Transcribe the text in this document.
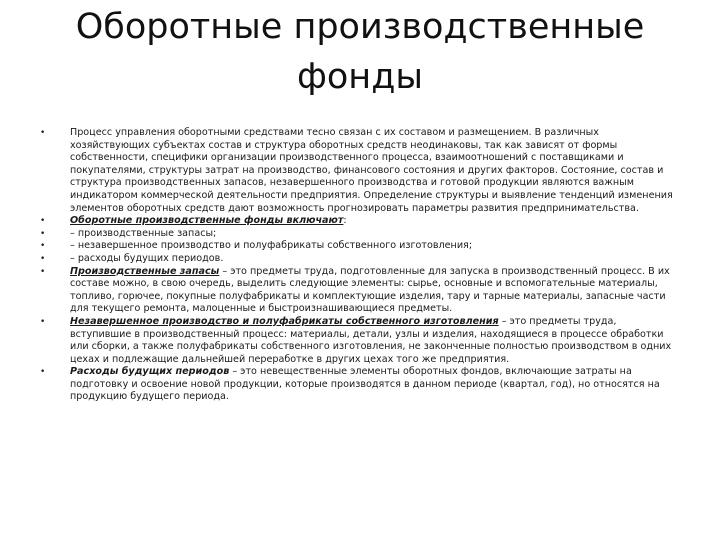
Оборотные производственные фонды
•	Процесс управления оборотными средствами тесно связан с их составом и размещением. В различных хозяйствующих субъектах состав и структура оборотных средств неодинаковы, так как зависят от формы собственности, специфики организации производственного процесса, взаимоотношений с поставщиками и покупателями, структуры затрат на производство, финансового состояния и других факторов. Состояние, состав и структура производственных запасов, незавершенного производства и готовой продукции являются важным индикатором коммерческой деятельности предприятия. Определение структуры и выявление тенденций изменения элементов оборотных средств дают возможность прогнозировать параметры развития предпринимательства.
•	Оборотные производственные фонды включают:
•	– производственные запасы;
•	– незавершенное производство и полуфабрикаты собственного изготовления;
•	– расходы будущих периодов.
•	Производственные запасы – это предметы труда, подготовленные для запуска в производственный процесс. В их составе можно, в свою очередь, выделить следующие элементы: сырье, основные и вспомогательные материалы, топливо, горючее, покупные полуфабрикаты и комплектующие изделия, тару и тарные материалы, запасные части для текущего ремонта, малоценные и быстроизнашивающиеся предметы.
•	Незавершенное производство и полуфабрикаты собственного изготовления – это предметы труда, вступившие в производственный процесс: материалы, детали, узлы и изделия, находящиеся в процессе обработки или сборки, а также полуфабрикаты собственного изготовления, не законченные полностью производством в одних цехах и подлежащие дальнейшей переработке в других цехах того же предприятия.
•	Расходы будущих периодов – это невещественные элементы оборотных фондов, включающие затраты на подготовку и освоение новой продукции, которые производятся в данном периоде (квартал, год), но относятся на продукцию будущего периода.
